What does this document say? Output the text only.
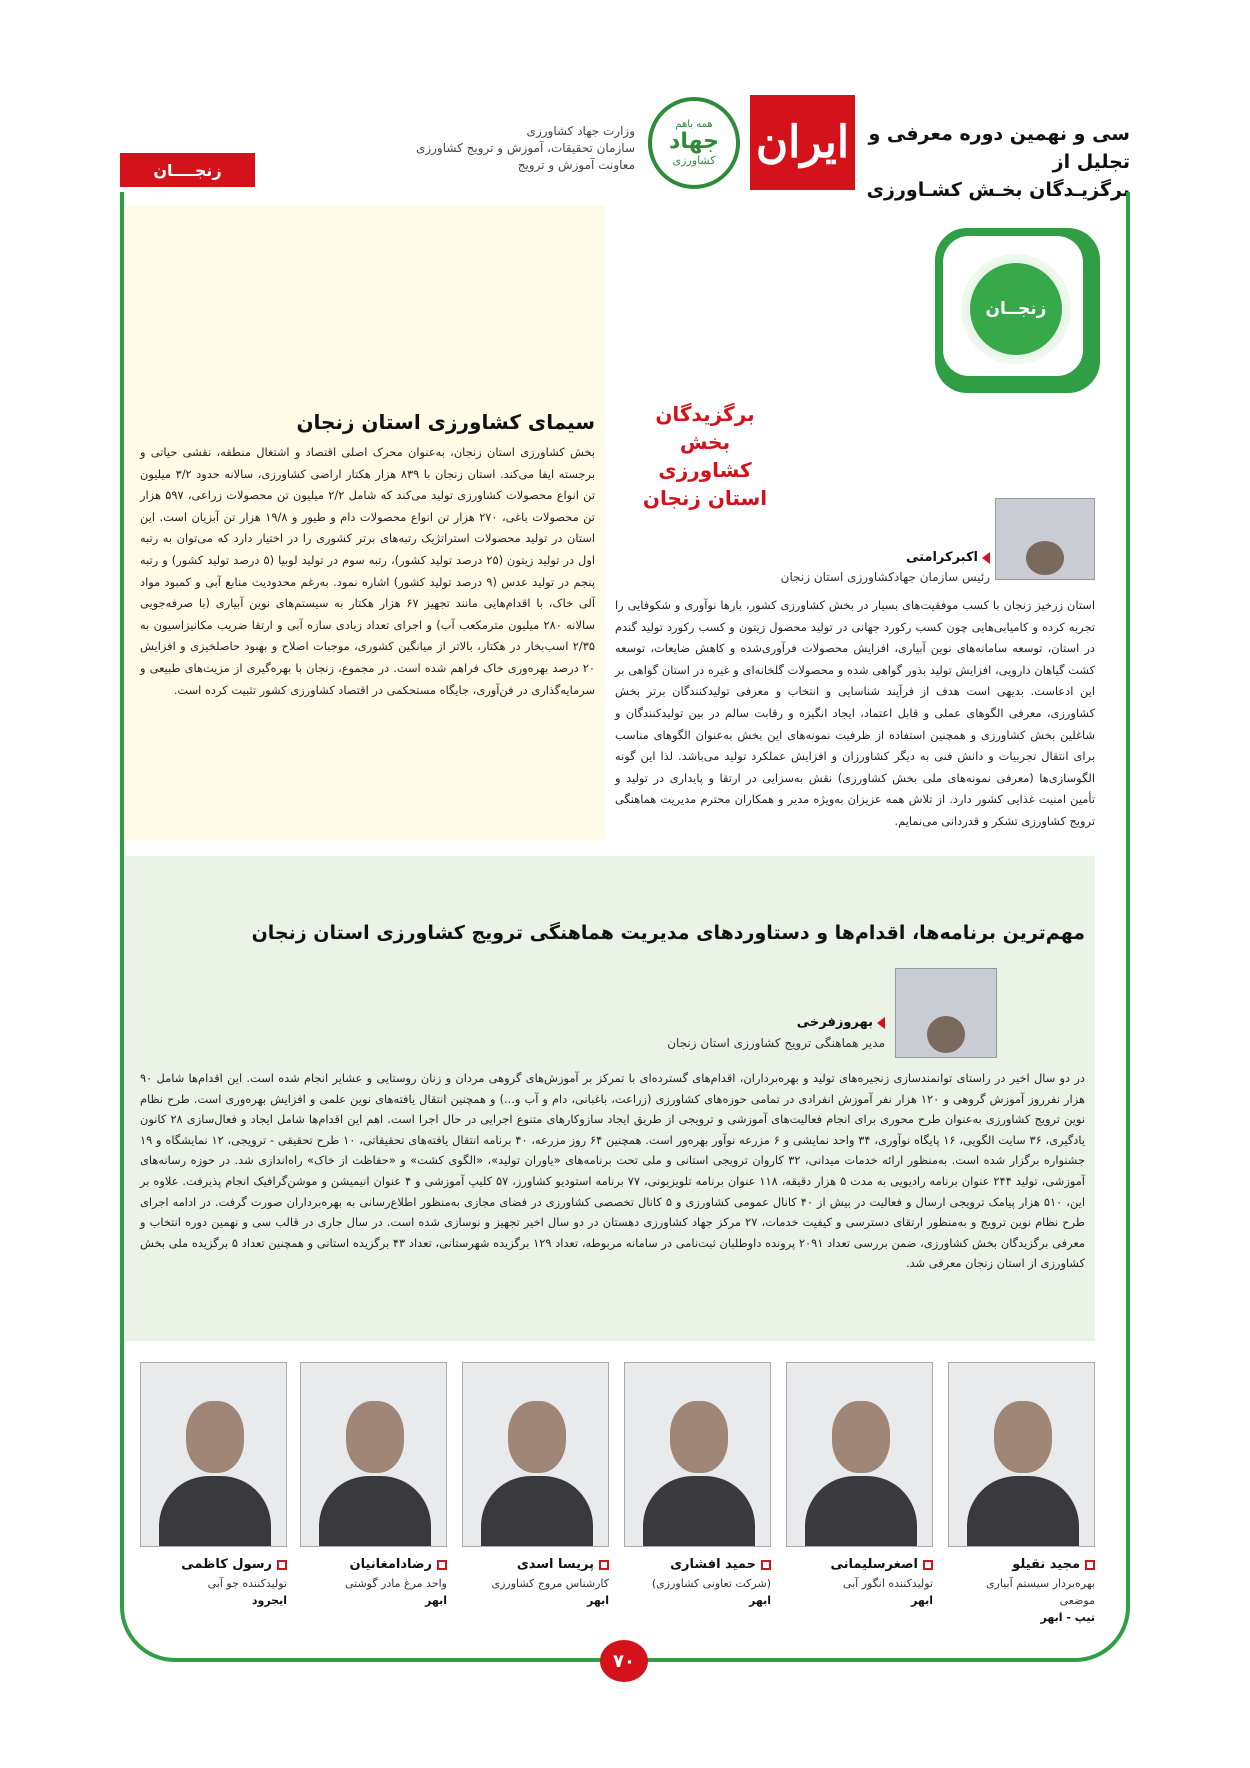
سی و نهمین دوره معرفی و تجلیل از
برگزیـدگان بخـش کشـاورزی
ایران
همه باهم
جهاد
کشاورزی
وزارت جهاد کشاورزی
سازمان تحقیقات، آموزش و ترویج کشاورزی
معاونت آموزش و ترویج
زنجــــان
سیمای کشاورزی استان زنجان
بخش کشاورزی استان زنجان، به‌عنوان محرک اصلی اقتصاد و اشتغال منطقه، نقشی حیاتی و برجسته ایفا می‌کند. استان زنجان با ۸۳۹ هزار هکتار اراضی کشاورزی، سالانه حدود ۳/۲ میلیون تن انواع محصولات کشاورزی تولید می‌کند که شامل ۲/۲ میلیون تن محصولات زراعی، ۵۹۷ هزار تن محصولات باغی، ۲۷۰ هزار تن انواع محصولات دام و طیور و ۱۹/۸ هزار تن آبزیان است. این استان در تولید محصولات استراتژیک رتبه‌های برتر کشوری را در اختیار دارد که می‌توان به رتبه اول در تولید زیتون (۲۵ درصد تولید کشور)، رتبه سوم در تولید لوبیا (۵ درصد تولید کشور) و رتبه پنجم در تولید عدس (۹ درصد تولید کشور) اشاره نمود. به‌رغم محدودیت منابع آبی و کمبود مواد آلی خاک، با اقدام‌هایی مانند تجهیز ۶۷ هزار هکتار به سیستم‌های نوین آبیاری (با صرفه‌جویی سالانه ۲۸۰ میلیون مترمکعب آب) و اجرای تعداد زیادی سازه آبی و ارتقا ضریب مکانیزاسیون به ۲/۳۵ اسب‌بخار در هکتار، بالاتر از میانگین کشوری، موجبات اصلاح و بهبود حاصلخیزی و افزایش ۲۰ درصد بهره‌وری خاک فراهم شده است. در مجموع، زنجان با بهره‌گیری از مزیت‌های طبیعی و سرمایه‌گذاری در فن‌آوری، جایگاه مستحکمی در اقتصاد کشاورزی کشور تثبیت کرده است.
زنجــان
برگزیدگان
بخش کشاورزی
استان زنجان
اکبرکرامتی
رئیس سازمان جهادکشاورزی استان زنجان
استان زرخیز زنجان با کسب موفقیت‌های بسیار در بخش کشاورزی کشور، بارها نوآوری و شکوفایی را تجربه کرده و کامیابی‌هایی چون کسب رکورد جهانی در تولید محصول زیتون و کسب رکورد تولید گندم در استان، توسعه سامانه‌های نوین آبیاری، افزایش محصولات فرآوری‌شده و کاهش ضایعات، توسعه کشت گیاهان دارویی، افزایش تولید بذور گواهی شده و محصولات گلخانه‌ای و غیره در استان گواهی بر این ادعاست. بدیهی است هدف از فرآیند شناسایی و انتخاب و معرفی تولیدکنندگان برتر بخش کشاورزی، معرفی الگوهای عملی و قابل اعتماد، ایجاد انگیزه و رقابت سالم در بین تولیدکنندگان و شاغلین بخش کشاورزی و همچنین استفاده از ظرفیت نمونه‌های این بخش به‌عنوان الگوهای مناسب برای انتقال تجربیات و دانش فنی به دیگر کشاورزان و افزایش عملکرد تولید می‌باشد. لذا این گونه الگوسازی‌ها (معرفی نمونه‌های ملی بخش کشاورزی) نقش به‌سزایی در ارتقا و پایداری در تولید و تأمین امنیت غذایی کشور دارد. از تلاش همه عزیزان به‌ویژه مدیر و همکاران محترم مدیریت هماهنگی ترویج کشاورزی تشکر و قدردانی می‌نمایم.
مهم‌ترین برنامه‌ها، اقدام‌ها و دستاوردهای مدیریت هماهنگی ترویج کشاورزی استان زنجان
بهروزفرخی
مدیر هماهنگی ترویج کشاورزی استان زنجان
در دو سال اخیر در راستای توانمندسازی زنجیره‌های تولید و بهره‌برداران، اقدام‌های گسترده‌ای با تمرکز بر آموزش‌های گروهی مردان و زنان روستایی و عشایر انجام شده است. این اقدام‌ها شامل ۹۰ هزار نفرروز آموزش گروهی و ۱۲۰ هزار نفر آموزش انفرادی در تمامی حوزه‌های کشاورزی (زراعت، باغبانی، دام و آب و...) و همچنین انتقال یافته‌های نوین علمی و افزایش بهره‌وری است. طرح نظام نوین ترویج کشاورزی به‌عنوان طرح محوری برای انجام فعالیت‌های آموزشی و ترویجی از طریق ایجاد سازوکارهای متنوع اجرایی در حال اجرا است. اهم این اقدام‌ها شامل ایجاد و فعال‌سازی ۲۸ کانون یادگیری، ۳۶ سایت الگویی، ۱۶ پایگاه نوآوری، ۳۴ واحد نمایشی و ۶ مزرعه نوآور بهره‌ور است. همچنین ۶۴ روز مزرعه، ۴۰ برنامه انتقال یافته‌های تحقیقاتی، ۱۰ طرح تحقیقی - ترویجی، ۱۲ نمایشگاه و ۱۹ جشنواره برگزار شده است. به‌منظور ارائه خدمات میدانی، ۳۲ کاروان ترویجی استانی و ملی تحت برنامه‌های «یاوران تولید»، «الگوی کشت» و «حفاظت از خاک» راه‌اندازی شد. در حوزه رسانه‌های آموزشی، تولید ۲۴۴ عنوان برنامه رادیویی به مدت ۵ هزار دقیقه، ۱۱۸ عنوان برنامه تلویزیونی، ۷۷ برنامه استودیو کشاورز، ۵۷ کلیپ آموزشی و ۴ عنوان انیمیشن و موشن‌گرافیک انجام پذیرفت. علاوه بر این، ۵۱۰ هزار پیامک ترویجی ارسال و فعالیت در بیش از ۴۰ کانال عمومی کشاورزی و ۵ کانال تخصصی کشاورزی در فضای مجازی به‌منظور اطلاع‌رسانی به بهره‌برداران صورت گرفت. در ادامه اجرای طرح نظام نوین ترویج و به‌منظور ارتقای دسترسی و کیفیت خدمات، ۲۷ مرکز جهاد کشاورزی دهستان در دو سال اخیر تجهیز و نوسازی شده است. در سال جاری در قالب سی و نهمین دوره انتخاب و معرفی برگزیدگان بخش کشاورزی، ضمن بررسی تعداد ۲۰۹۱ پرونده داوطلبان ثبت‌نامی در سامانه مربوطه، تعداد ۱۲۹ برگزیده شهرستانی، تعداد ۴۳ برگزیده استانی و همچنین تعداد ۵ برگزیده ملی بخش کشاورزی از استان زنجان معرفی شد.
مجید نقیلو
بهره‌بردار سیستم آبیاری موضعی
تیپ - ابهر
اصغرسلیمانی
تولیدکننده انگور آبی
ابهر
حمید افشاری
(شرکت تعاونی کشاورزی)
ابهر
پریسا اسدی
کارشناس مروج کشاورزی
ابهر
رضادامغانیان
واحد مرغ مادر گوشتی
ابهر
رسول کاظمی
تولیدکننده جو آبی
ایجرود
۷۰
